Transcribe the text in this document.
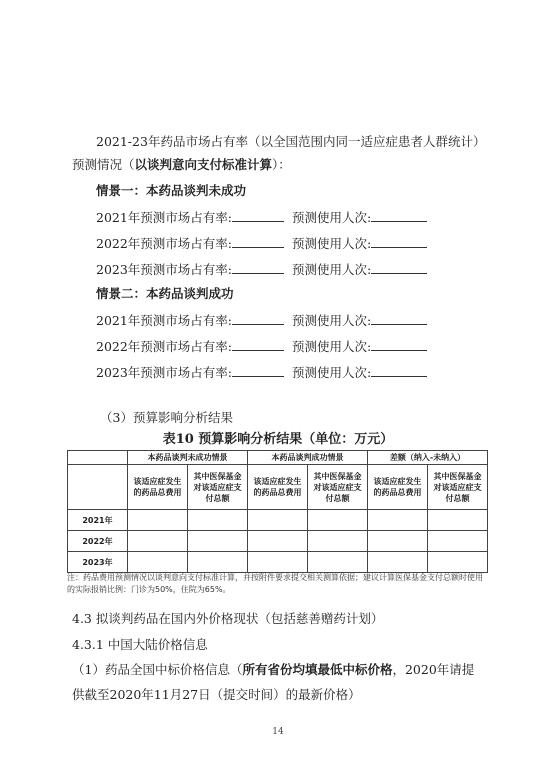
2021-23年药品市场占有率（以全国范围内同一适应症患者人群统计）
预测情况（以谈判意向支付标准计算）：
情景一：本药品谈判未成功
2021年预测市场占有率:	预测使用人次:
2022年预测市场占有率:	预测使用人次:
2023年预测市场占有率:	预测使用人次:
情景二：本药品谈判成功
2021年预测市场占有率:	预测使用人次:
2022年预测市场占有率:	预测使用人次:
2023年预测市场占有率:	预测使用人次:
（3）预算影响分析结果
表10 预算影响分析结果（单位：万元）
	本药品谈判未成功情景		本药品谈判成功情景		差额（纳入-未纳入）	
	该适应症发生的药品总费用	其中医保基金对该适应症支付总额	该适应症发生的药品总费用	其中医保基金对该适应症支付总额	该适应症发生的药品总费用	其中医保基金对该适应症支付总额
2021年						
2022年						
2023年						
注：药品费用预测情况以谈判意向支付标准计算，并按附件要求提交相关测算依据；建议计算医保基金支付总额时使用的实际报销比例：门诊为50%，住院为65%。
4.3 拟谈判药品在国内外价格现状（包括慈善赠药计划）
4.3.1 中国大陆价格信息
（1）药品全国中标价格信息（所有省份均填最低中标价格，2020年请提
供截至2020年11月27日（提交时间）的最新价格）
14
